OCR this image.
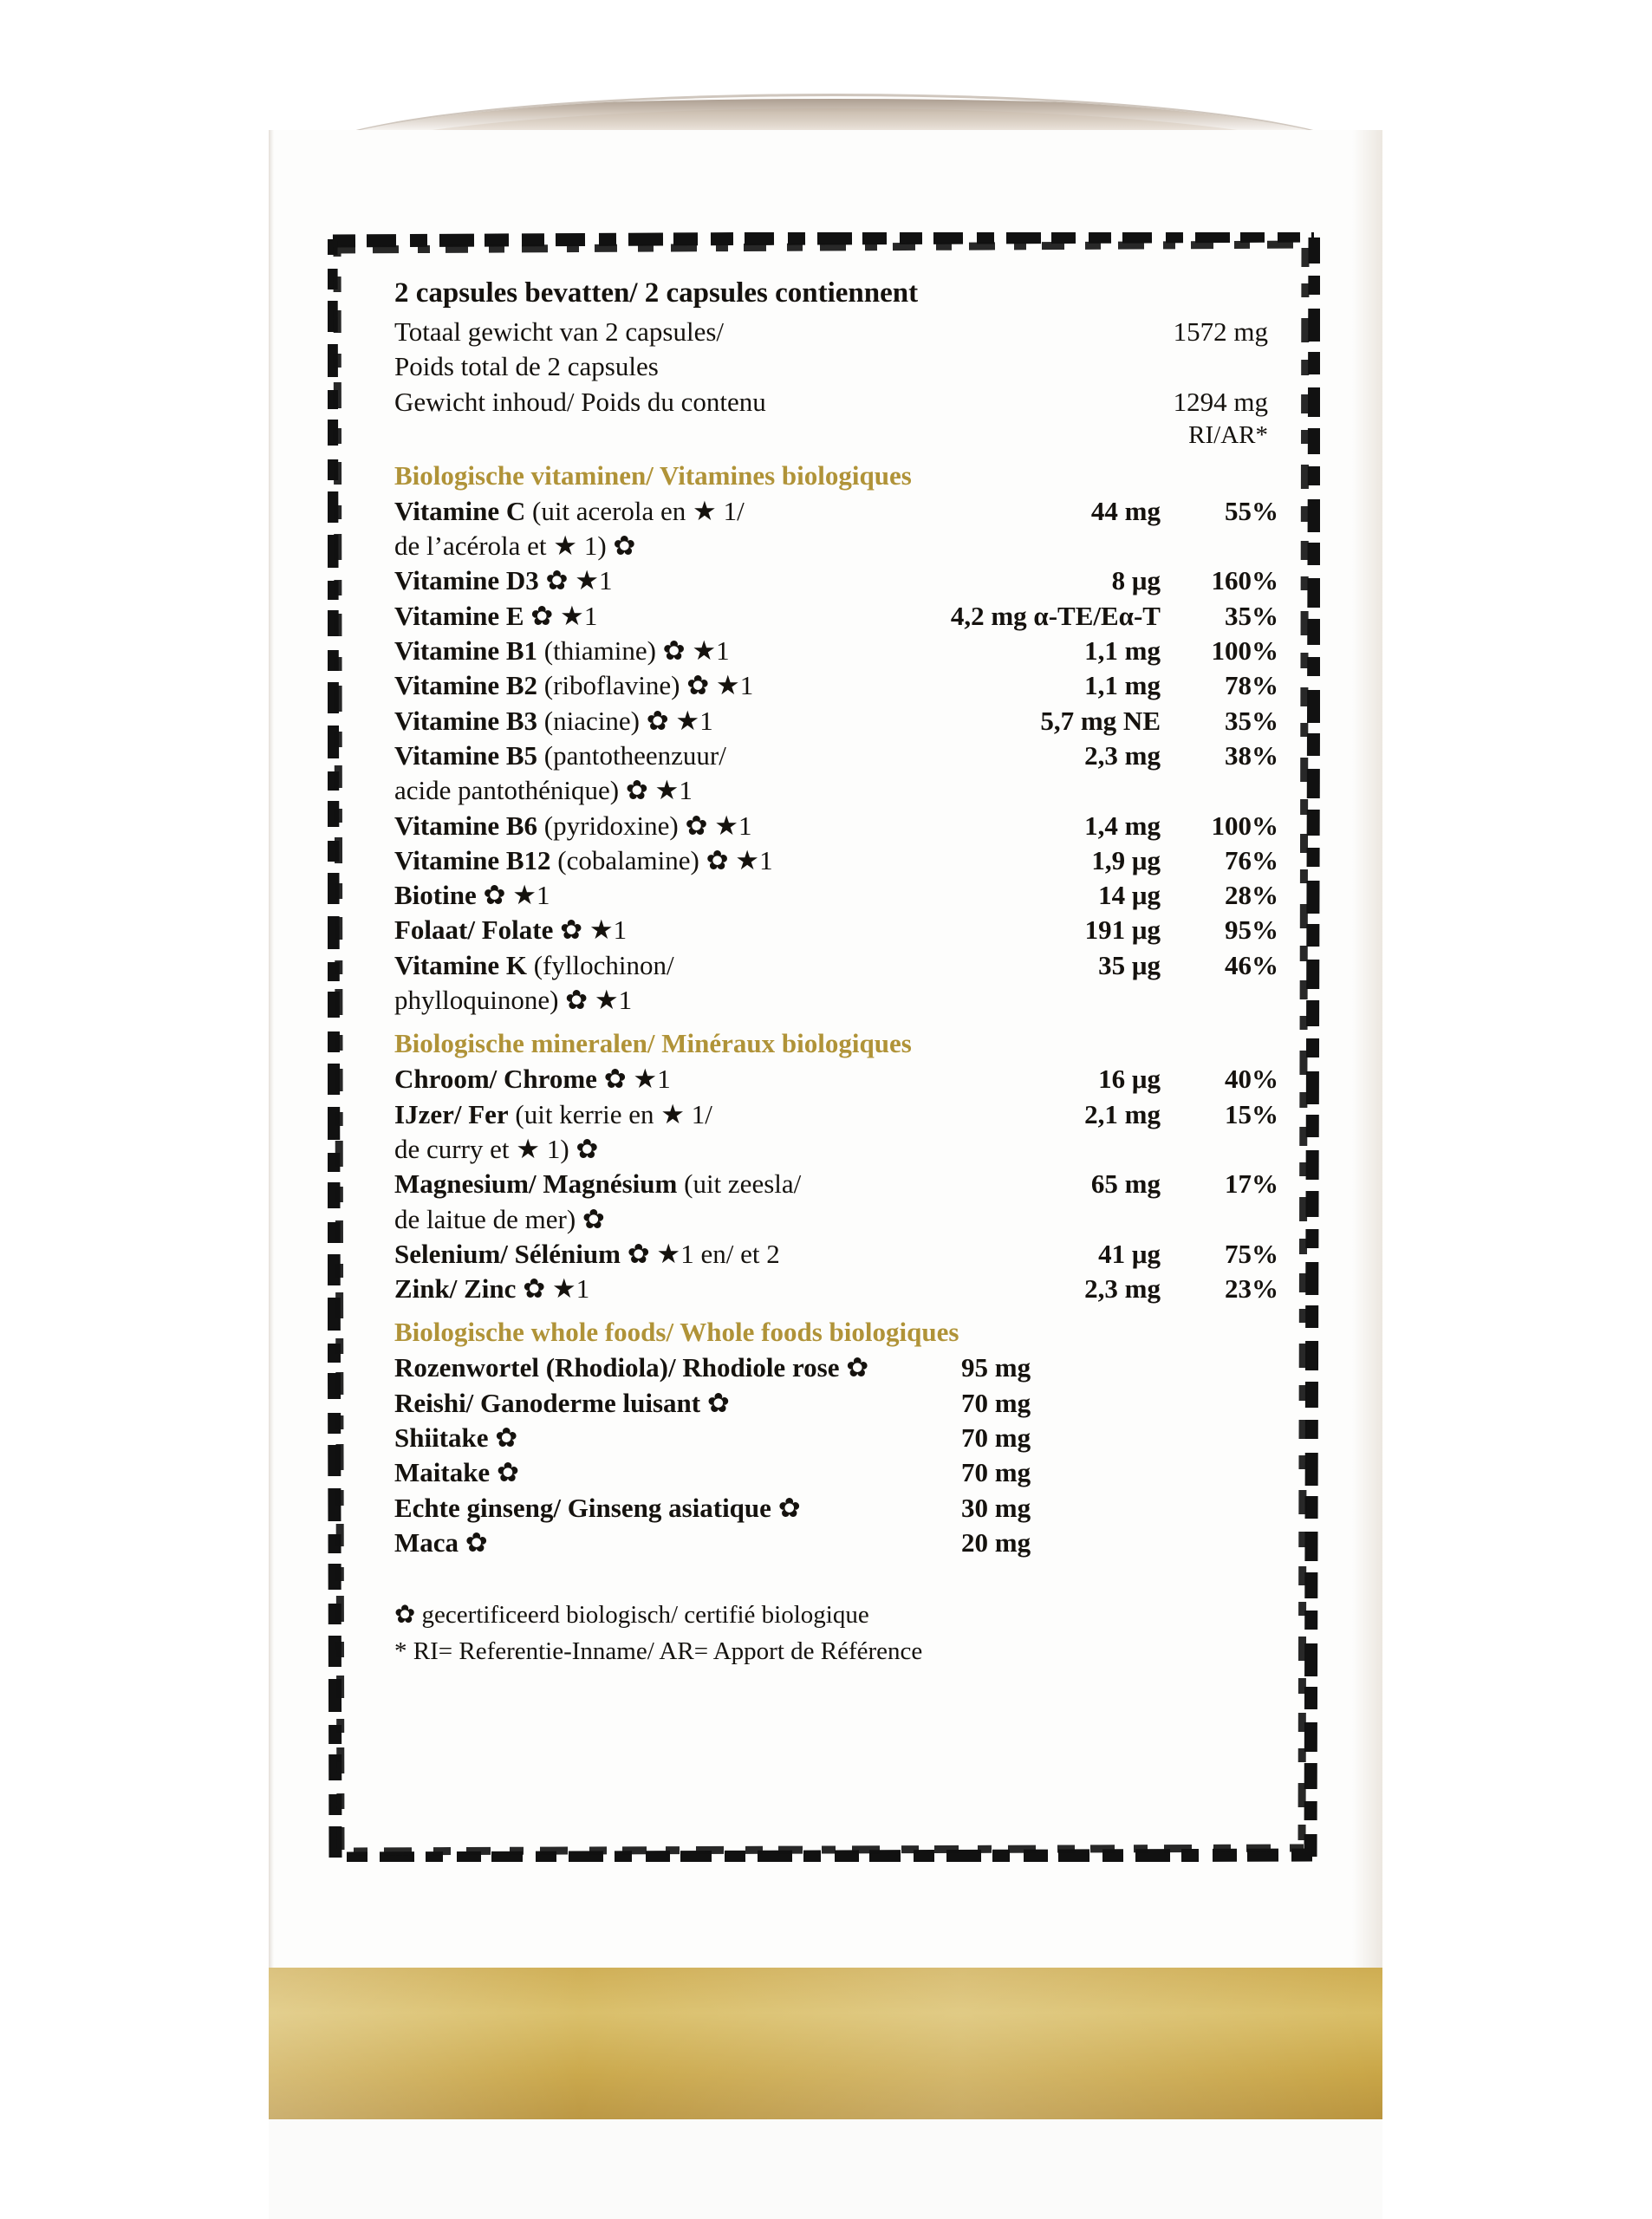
2 capsules bevatten/ 2 capsules contiennent
Totaal gewicht van 2 capsules/	1572 mg
Poids total de 2 capsules
Gewicht inhoud/ Poids du contenu	1294 mg
RI/AR*
Biologische vitaminen/ Vitamines biologiques
Vitamine C (uit acerola en ★ 1/	44 mg	55%
de l’acérola et ★ 1) ✿
Vitamine D3 ✿ ★1	8 μg	160%
Vitamine E ✿ ★1	4,2 mg α-TE/Eα-T	35%
Vitamine B1 (thiamine) ✿ ★1	1,1 mg	100%
Vitamine B2 (riboflavine) ✿ ★1	1,1 mg	78%
Vitamine B3 (niacine) ✿ ★1	5,7 mg NE	35%
Vitamine B5 (pantotheenzuur/	2,3 mg	38%
acide pantothénique) ✿ ★1
Vitamine B6 (pyridoxine) ✿ ★1	1,4 mg	100%
Vitamine B12 (cobalamine) ✿ ★1	1,9 μg	76%
Biotine ✿ ★1	14 μg	28%
Folaat/ Folate ✿ ★1	191 μg	95%
Vitamine K (fyllochinon/	35 μg	46%
phylloquinone) ✿ ★1
Biologische mineralen/ Minéraux biologiques
Chroom/ Chrome ✿ ★1	16 μg	40%
IJzer/ Fer (uit kerrie en ★ 1/	2,1 mg	15%
de curry et ★ 1) ✿
Magnesium/ Magnésium (uit zeesla/	65 mg	17%
de laitue de mer) ✿
Selenium/ Sélénium ✿ ★1 en/ et 2	41 μg	75%
Zink/ Zinc ✿ ★1	2,3 mg	23%
Biologische whole foods/ Whole foods biologiques
Rozenwortel (Rhodiola)/ Rhodiole rose ✿	95 mg
Reishi/ Ganoderme luisant ✿	70 mg
Shiitake ✿	70 mg
Maitake ✿	70 mg
Echte ginseng/ Ginseng asiatique ✿	30 mg
Maca ✿	20 mg
✿ gecertificeerd biologisch/ certifié biologique
* RI= Referentie-Inname/ AR= Apport de Référence
